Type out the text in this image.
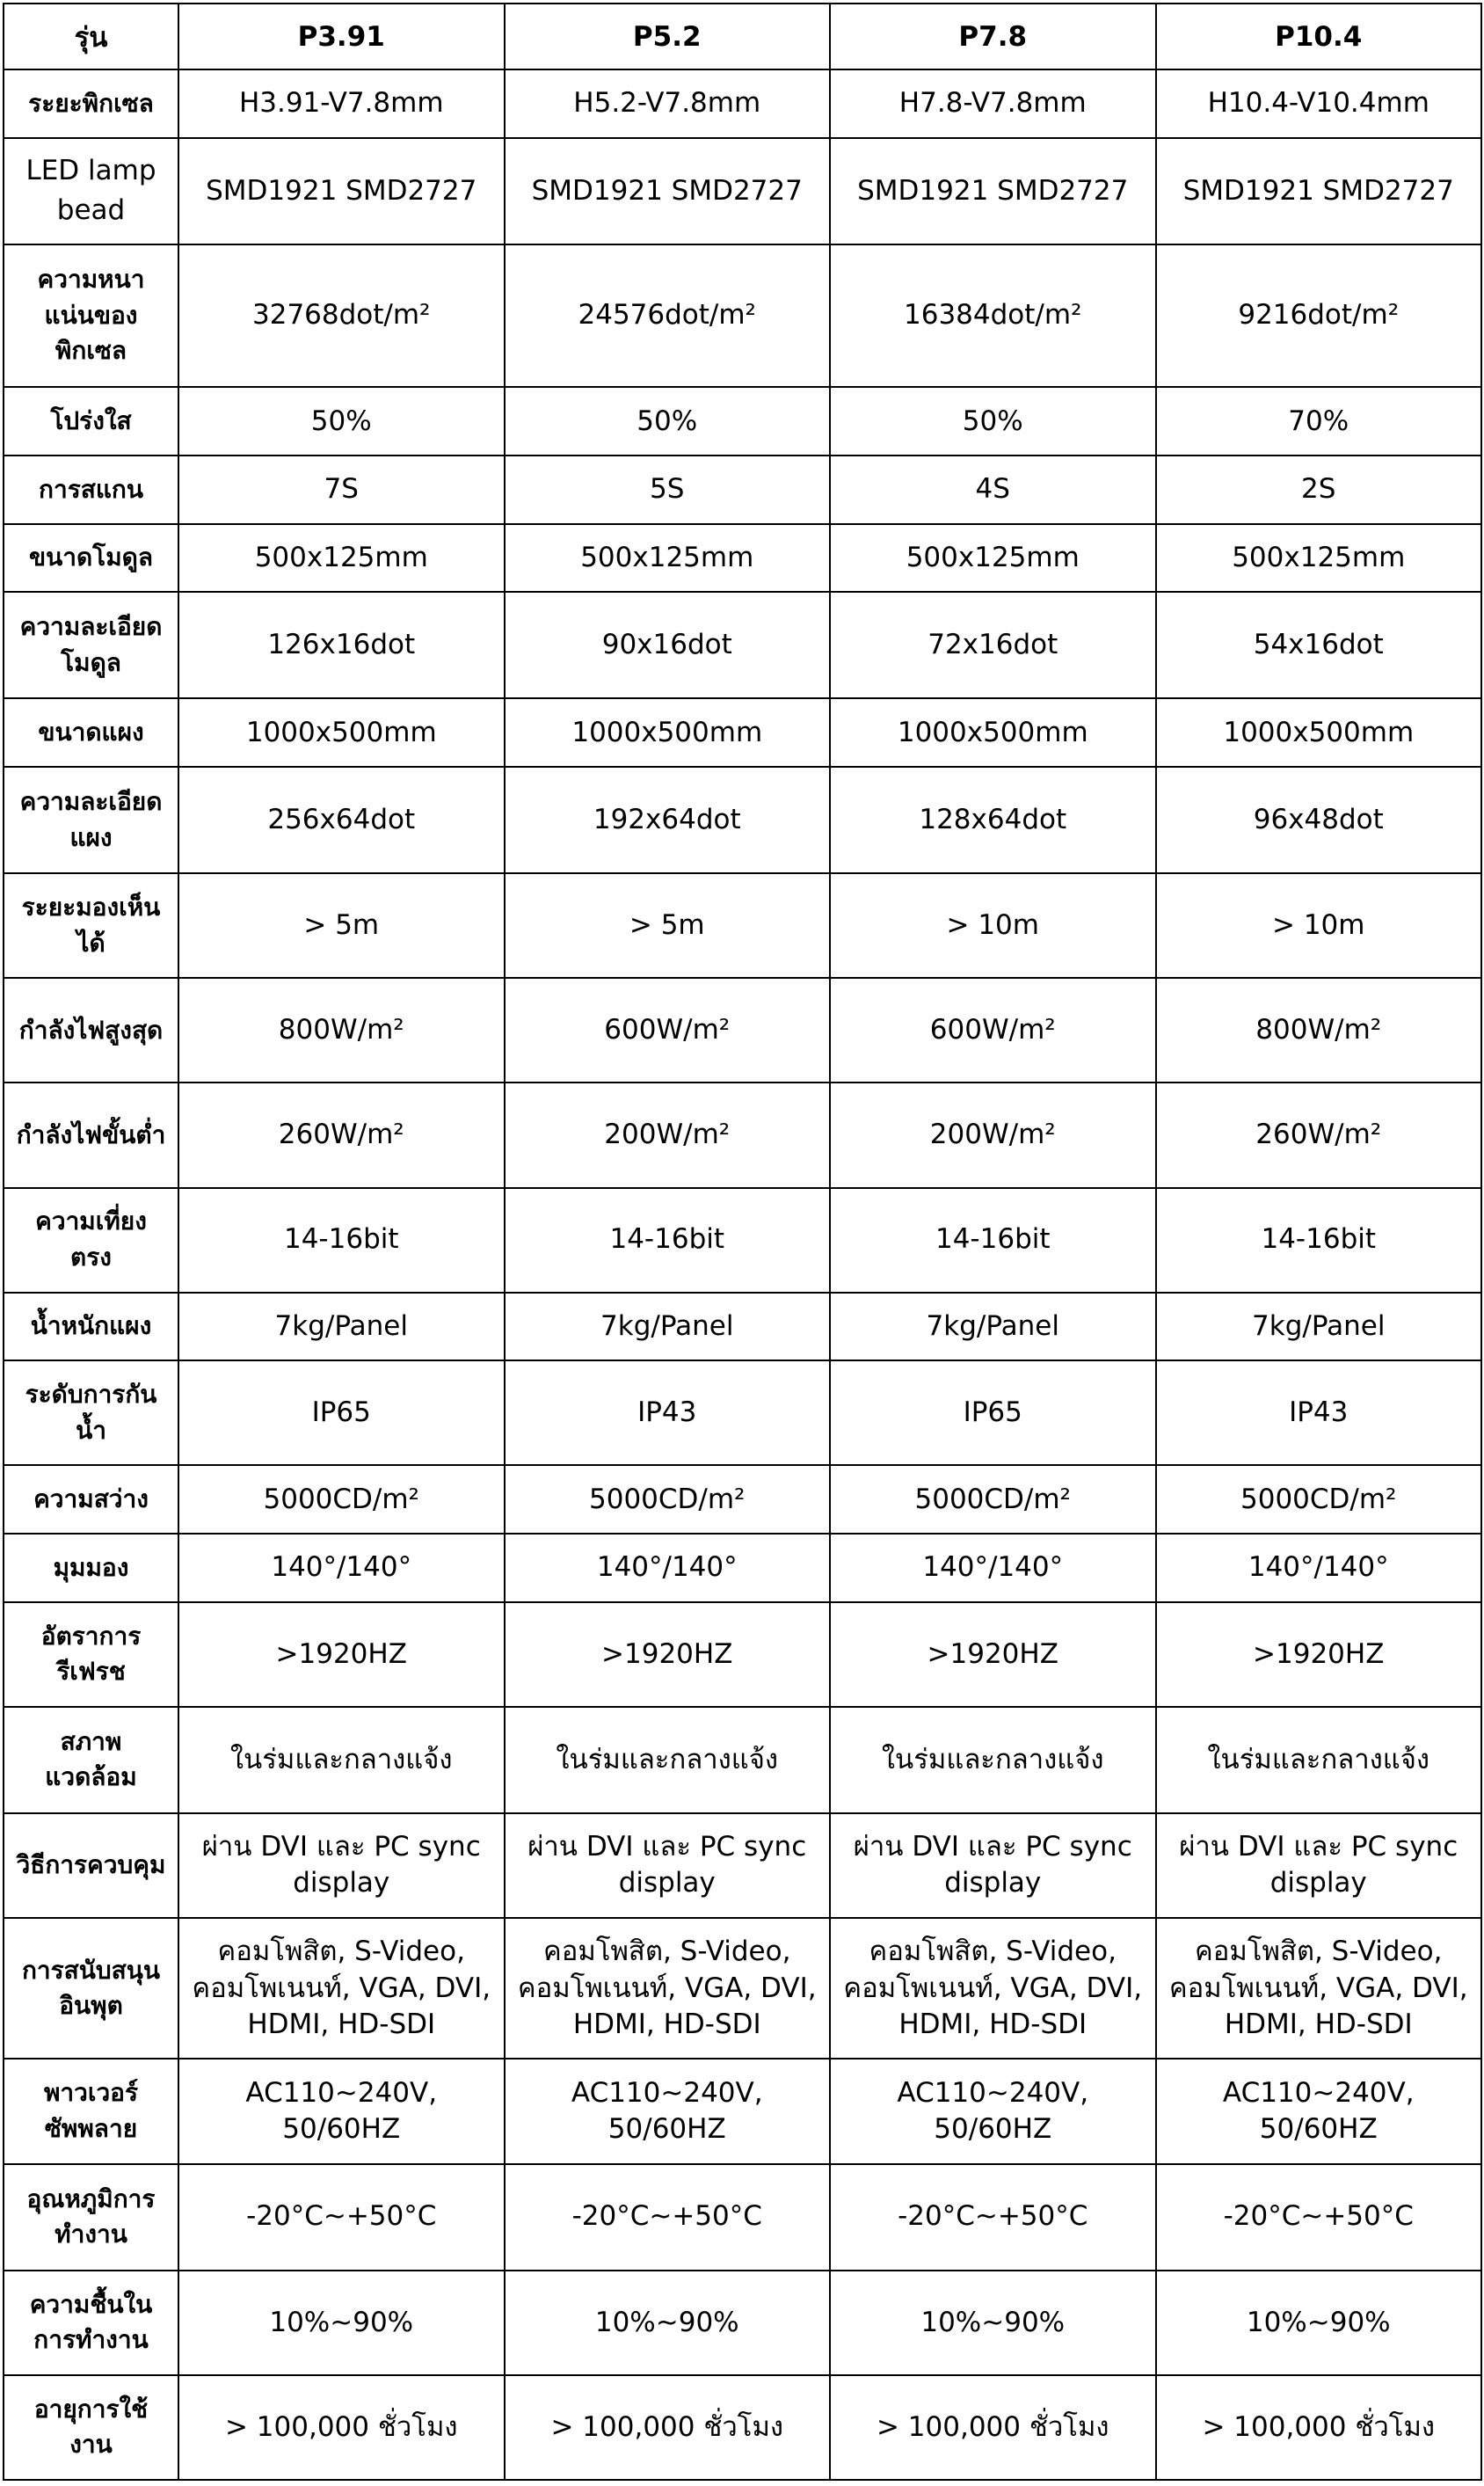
รุ่น	P3.91	P5.2	P7.8	P10.4
ระยะพิกเซล	H3.91-V7.8mm	H5.2-V7.8mm	H7.8-V7.8mm	H10.4-V10.4mm
LED lamp bead	SMD1921 SMD2727	SMD1921 SMD2727	SMD1921 SMD2727	SMD1921 SMD2727
ความหนาแน่นของพิกเซล	32768dot/m²	24576dot/m²	16384dot/m²	9216dot/m²
โปร่งใส	50%	50%	50%	70%
การสแกน	7S	5S	4S	2S
ขนาดโมดูล	500x125mm	500x125mm	500x125mm	500x125mm
ความละเอียดโมดูล	126x16dot	90x16dot	72x16dot	54x16dot
ขนาดแผง	1000x500mm	1000x500mm	1000x500mm	1000x500mm
ความละเอียดแผง	256x64dot	192x64dot	128x64dot	96x48dot
ระยะมองเห็นได้	> 5m	> 5m	> 10m	> 10m
กำลังไฟสูงสุด	800W/m²	600W/m²	600W/m²	800W/m²
กำลังไฟขั้นต่ำ	260W/m²	200W/m²	200W/m²	260W/m²
ความเที่ยงตรง	14-16bit	14-16bit	14-16bit	14-16bit
น้ำหนักแผง	7kg/Panel	7kg/Panel	7kg/Panel	7kg/Panel
ระดับการกันน้ำ	IP65	IP43	IP65	IP43
ความสว่าง	5000CD/m²	5000CD/m²	5000CD/m²	5000CD/m²
มุมมอง	140°/140°	140°/140°	140°/140°	140°/140°
อัตราการรีเฟรช	>1920HZ	>1920HZ	>1920HZ	>1920HZ
สภาพแวดล้อม	ในร่มและกลางแจ้ง	ในร่มและกลางแจ้ง	ในร่มและกลางแจ้ง	ในร่มและกลางแจ้ง
วิธีการควบคุม	ผ่าน DVI และ PC sync display	ผ่าน DVI และ PC sync display	ผ่าน DVI และ PC sync display	ผ่าน DVI และ PC sync display
การสนับสนุนอินพุต	คอมโพสิต, S-Video, คอมโพเนนท์, VGA, DVI, HDMI, HD-SDI	คอมโพสิต, S-Video, คอมโพเนนท์, VGA, DVI, HDMI, HD-SDI	คอมโพสิต, S-Video, คอมโพเนนท์, VGA, DVI, HDMI, HD-SDI	คอมโพสิต, S-Video, คอมโพเนนท์, VGA, DVI, HDMI, HD-SDI
พาวเวอร์ซัพพลาย	AC110~240V, 50/60HZ	AC110~240V, 50/60HZ	AC110~240V, 50/60HZ	AC110~240V, 50/60HZ
อุณหภูมิการทำงาน	-20°C~+50°C	-20°C~+50°C	-20°C~+50°C	-20°C~+50°C
ความชื้นในการทำงาน	10%~90%	10%~90%	10%~90%	10%~90%
อายุการใช้งาน	> 100,000 ชั่วโมง	> 100,000 ชั่วโมง	> 100,000 ชั่วโมง	> 100,000 ชั่วโมง
